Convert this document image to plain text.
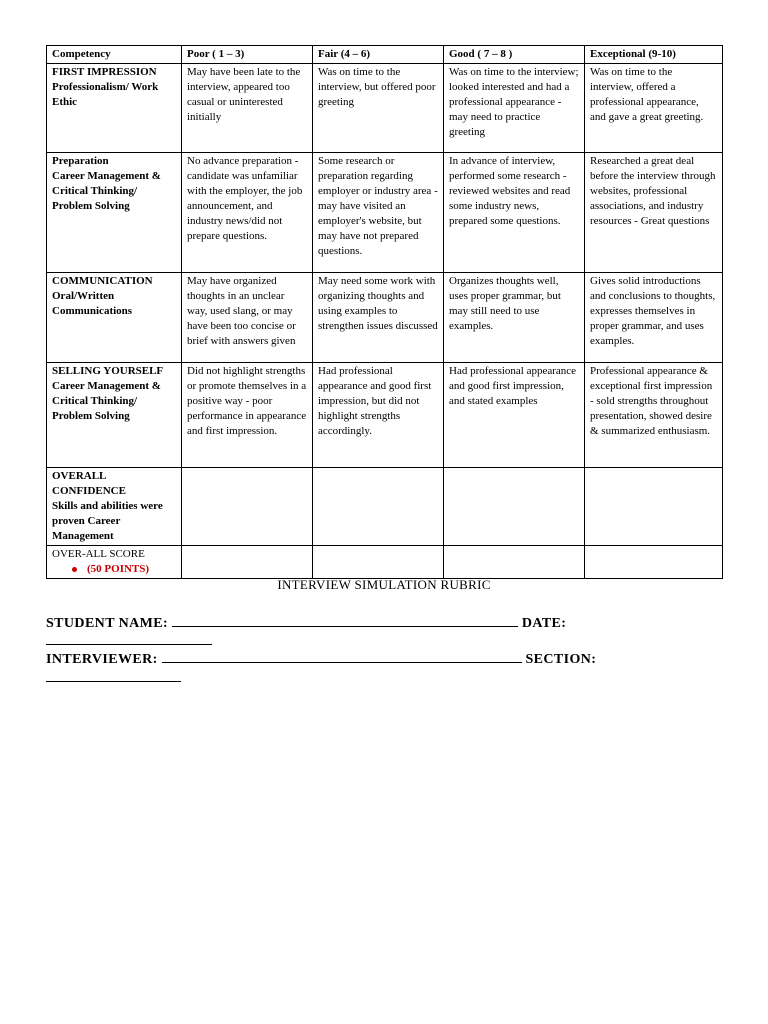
Competency	Poor ( 1 – 3)	Fair (4 – 6)	Good ( 7 – 8 )	Exceptional (9-10)

FIRST IMPRESSION
Professionalism/ Work Ethic	May have been late to the interview, appeared too casual or uninterested initially	Was on time to the interview, but offered poor greeting	Was on time to the interview; looked interested and had a professional appearance - may need to practice greeting	Was on time to the interview, offered a professional appearance, and gave a great greeting.

Preparation
Career Management & Critical Thinking/ Problem Solving	No advance preparation - candidate was unfamiliar with the employer, the job announcement, and industry news/did not prepare questions.	Some research or preparation regarding employer or industry area - may have visited an employer's website, but may have not prepared questions.	In advance of interview, performed some research - reviewed websites and read some industry news, prepared some questions.	Researched a great deal before the interview through websites, professional associations, and industry resources - Great questions

COMMUNICATION
Oral/Written Communications	May have organized thoughts in an unclear way, used slang, or may have been too concise or brief with answers given	May need some work with organizing thoughts and using examples to strengthen issues discussed	Organizes thoughts well, uses proper grammar, but may still need to use examples.	Gives solid introductions and conclusions to thoughts, expresses themselves in proper grammar, and uses examples.

SELLING YOURSELF
Career Management & Critical Thinking/ Problem Solving	Did not highlight strengths or promote themselves in a positive way - poor performance in appearance and first impression.	Had professional appearance and good first impression, but did not highlight strengths accordingly.	Had professional appearance and good first impression, and stated examples	Professional appearance & exceptional first impression - sold strengths throughout presentation, showed desire & summarized enthusiasm.

OVERALL CONFIDENCE
Skills and abilities were proven Career Management				

OVER-ALL SCORE
(50 POINTS)				

INTERVIEW SIMULATION RUBRIC
STUDENT NAME:	DATE:
INTERVIEWER:	SECTION:
